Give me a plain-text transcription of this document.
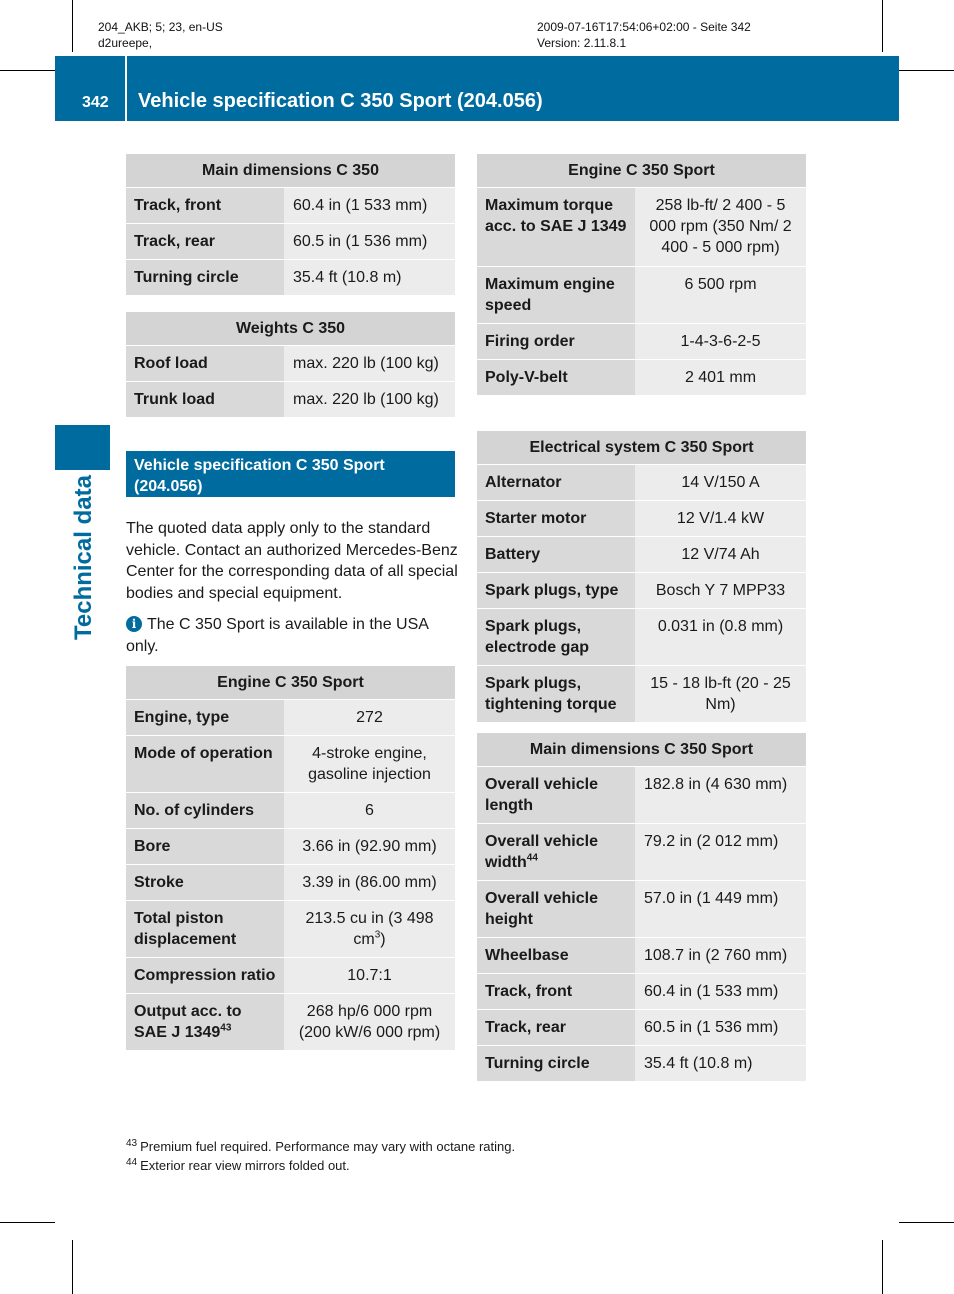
204_AKB; 5; 23, en-US
d2ureepe,
2009-07-16T17:54:06+02:00 - Seite 342
Version: 2.11.8.1
342 Vehicle specification C 350 Sport (204.056)
Technical data
Main dimensions C 350	
Track, front	60.4 in (1 533 mm)
Track, rear	60.5 in (1 536 mm)
Turning circle	35.4 ft (10.8 m)
Weights C 350	
Roof load	max. 220 lb (100 kg)
Trunk load	max. 220 lb (100 kg)
Vehicle specification C 350 Sport (204.056)
The quoted data apply only to the standard vehicle. Contact an authorized Mercedes-Benz Center for the corresponding data of all special bodies and special equipment.
i The C 350 Sport is available in the USA only.
Engine C 350 Sport	
Engine, type	272
Mode of operation	4-stroke engine, gasoline injection
No. of cylinders	6
Bore	3.66 in (92.90 mm)
Stroke	3.39 in (86.00 mm)
Total piston displacement	213.5 cu in (3 498 $cm^3$)
Compression ratio	10.7:1
Output acc. to SAE J 1349$^{43}$	268 hp/6 000 rpm (200 kW/6 000 rpm)
Engine C 350 Sport	
Maximum torque acc. to SAE J 1349	258 lb-ft/ 2 400 - 5 000 rpm (350 Nm/ 2 400 - 5 000 rpm)
Maximum engine speed	6 500 rpm
Firing order	1-4-3-6-2-5
Poly-V-belt	2 401 mm
Electrical system C 350 Sport	
Alternator	14 V/150 A
Starter motor	12 V/1.4 kW
Battery	12 V/74 Ah
Spark plugs, type	Bosch Y 7 MPP33
Spark plugs, electrode gap	0.031 in (0.8 mm)
Spark plugs, tightening torque	15 - 18 lb-ft (20 - 25 Nm)
Main dimensions C 350 Sport	
Overall vehicle length	182.8 in (4 630 mm)
Overall vehicle width$^{44}$	79.2 in (2 012 mm)
Overall vehicle height	57.0 in (1 449 mm)
Wheelbase	108.7 in (2 760 mm)
Track, front	60.4 in (1 533 mm)
Track, rear	60.5 in (1 536 mm)
Turning circle	35.4 ft (10.8 m)
$^{43}$ Premium fuel required. Performance may vary with octane rating.
$^{44}$ Exterior rear view mirrors folded out.
